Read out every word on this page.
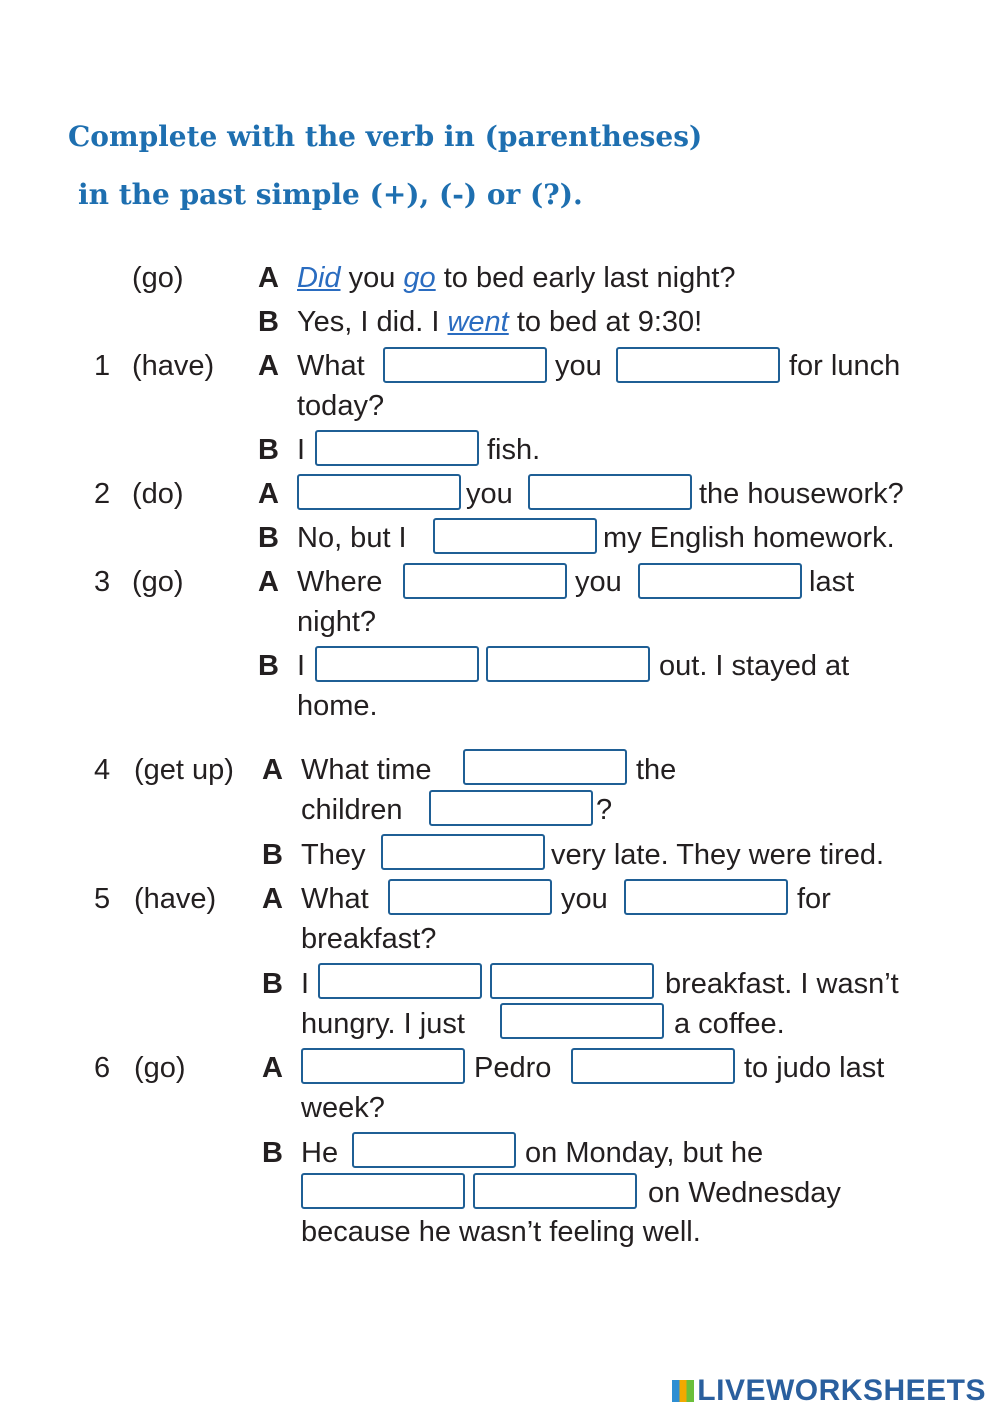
Complete with the verb in (parentheses)
in the past simple (+), (-) or (?).
(go)	A Did you go to bed early last night?
B Yes, I did. I went to bed at 9:30!
1 (have) A What	you	for lunch
today?
B I	fish.
2 (do)	A	you	the housework?
B No, but I	my English homework.
3 (go)	A Where	you	last
night?
B I	out. I stayed at
home.
4 (get up) A What time	the
children	?
B They	very late. They were tired.
5 (have) A What	you	for
breakfast?
B I	breakfast. I wasn’t
hungry. I just	a coffee.
6 (go)	A	Pedro	to judo last
week?
B He	on Monday, but he
on Wednesday
because he wasn’t feeling well.
LIVEWORKSHEETS
